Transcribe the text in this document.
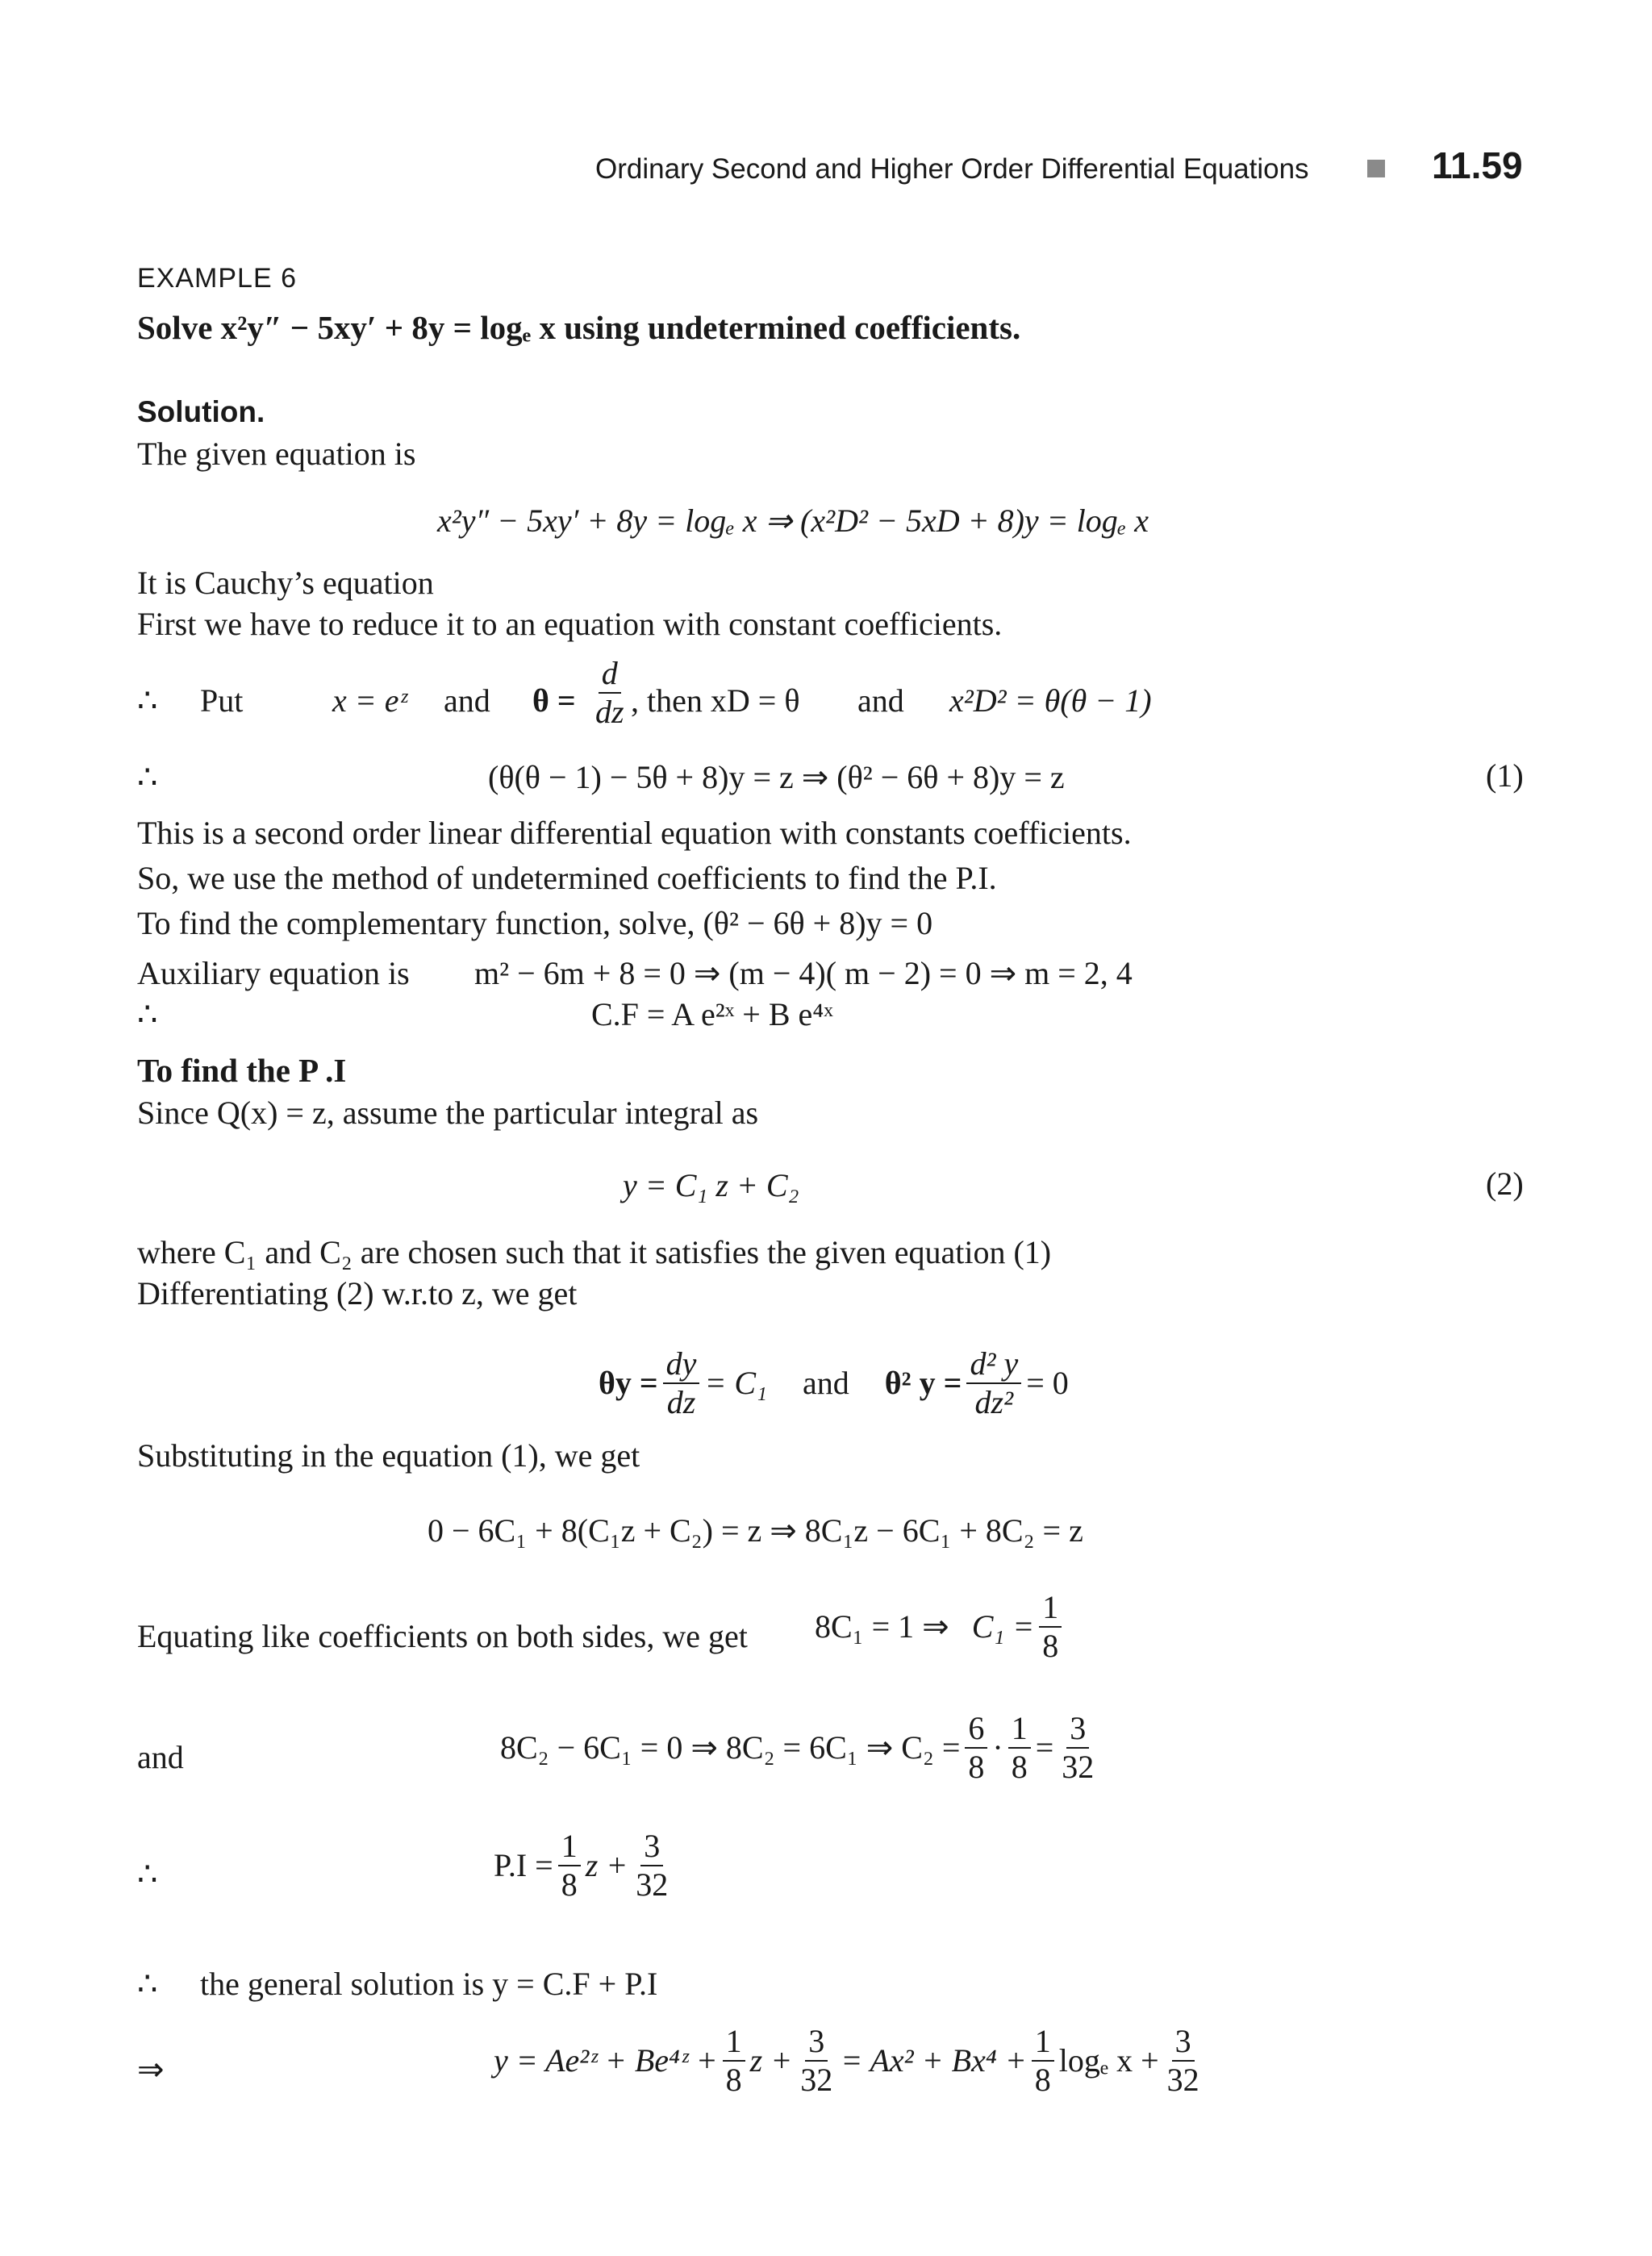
Ordinary Second and Higher Order Differential Equations	11.59
EXAMPLE 6
Solve x²y″ − 5xy′ + 8y = logₑ x using undetermined coefficients.
Solution.
The given equation is
x²y″ − 5xy′ + 8y = logₑ x ⇒ (x²D² − 5xD + 8)y = logₑ x
It is Cauchy’s equation
First we have to reduce it to an equation with constant coefficients.
∴ Put	x = eᶻ and $\theta = \frac{d}{dz}$ , then xD = θ and x²D² = θ(θ − 1)
∴	(θ(θ − 1) − 5θ + 8)y = z ⇒ (θ² − 6θ + 8)y = z	(1)
This is a second order linear differential equation with constants coefficients.
So, we use the method of undetermined coefficients to find the P.I.
To find the complementary function, solve, (θ² − 6θ + 8)y = 0
Auxiliary equation is m² − 6m + 8 = 0 ⇒ (m − 4)( m − 2) = 0 ⇒ m = 2, 4
∴	C.F = A e²ˣ + B e⁴ˣ
To find the P .I
Since Q(x) = z, assume the particular integral as
y = C₁ z + C₂	(2)
where C₁ and C₂ are chosen such that it satisfies the given equation (1)
Differentiating (2) w.r.to z, we get
$\theta y = \frac{dy}{dz} = C_1$ and θ² $y = \frac{\text{d² y}}{\text{dz²}} = 0$
Substituting in the equation (1), we get
0 − 6C₁ + 8(C₁z + C₂) = z ⇒ 8C₁z − 6C₁ + 8C₂ = z
Equating like coefficients on both sides, we get 8C₁ = 1 ⇒ $C_1 = \frac{1}{8}$
and	8C₂ − 6C₁ = 0 ⇒ 8C₂ = 6C₁ ⇒ $C_2 = \frac{6}{8} \cdot \frac{1}{8} = \frac{3}{32}$
∴	$P.I = \frac{1}{8}$ $z + \frac{3}{32}$
∴ the general solution is y = C.F + P.I
⇒	y = Ae²ᶻ + Be⁴ᶻ + $\frac{1}{8}$ $z + \frac{3}{32} = Ax^2 + Bx^4 + \frac{1}{8}$ logₑ $x + \frac{3}{32}$
